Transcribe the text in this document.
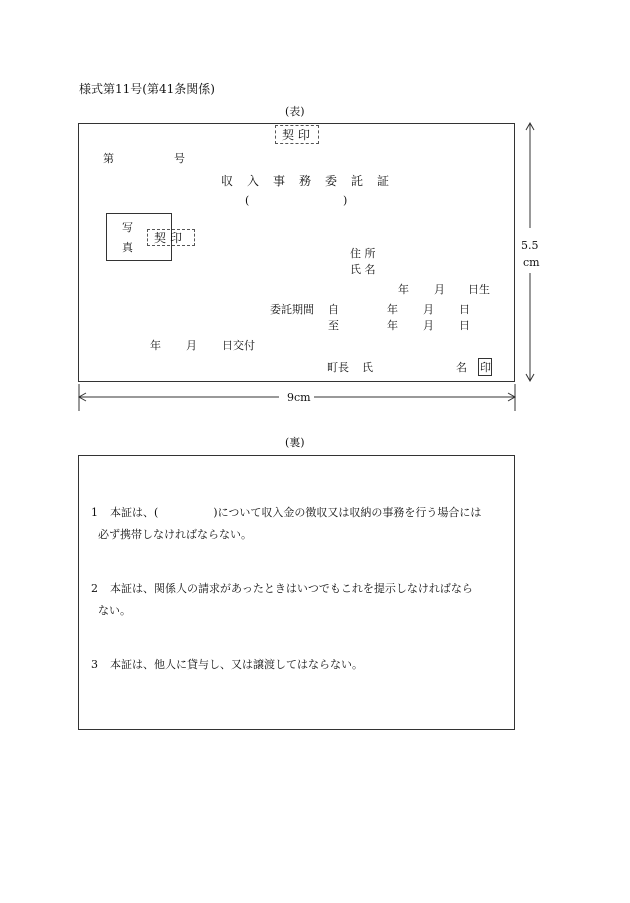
様式第11号(第41条関係)
(表)
契 印
第	号
収入事務委託証
(	)
写
真
契 印
住 所
氏 名
年 月 日生
委託期間 自	年 月 日
至	年 月 日
年 月 日交付
町長 氏	名 印
5.5
cm
9cm
(裏)
1 本証は、(　　　　　)について収入金の徴収又は収納の事務を行う場合には
必ず携帯しなければならない。
2 本証は、関係人の請求があったときはいつでもこれを提示しなければなら
ない。
3 本証は、他人に貸与し、又は譲渡してはならない。
